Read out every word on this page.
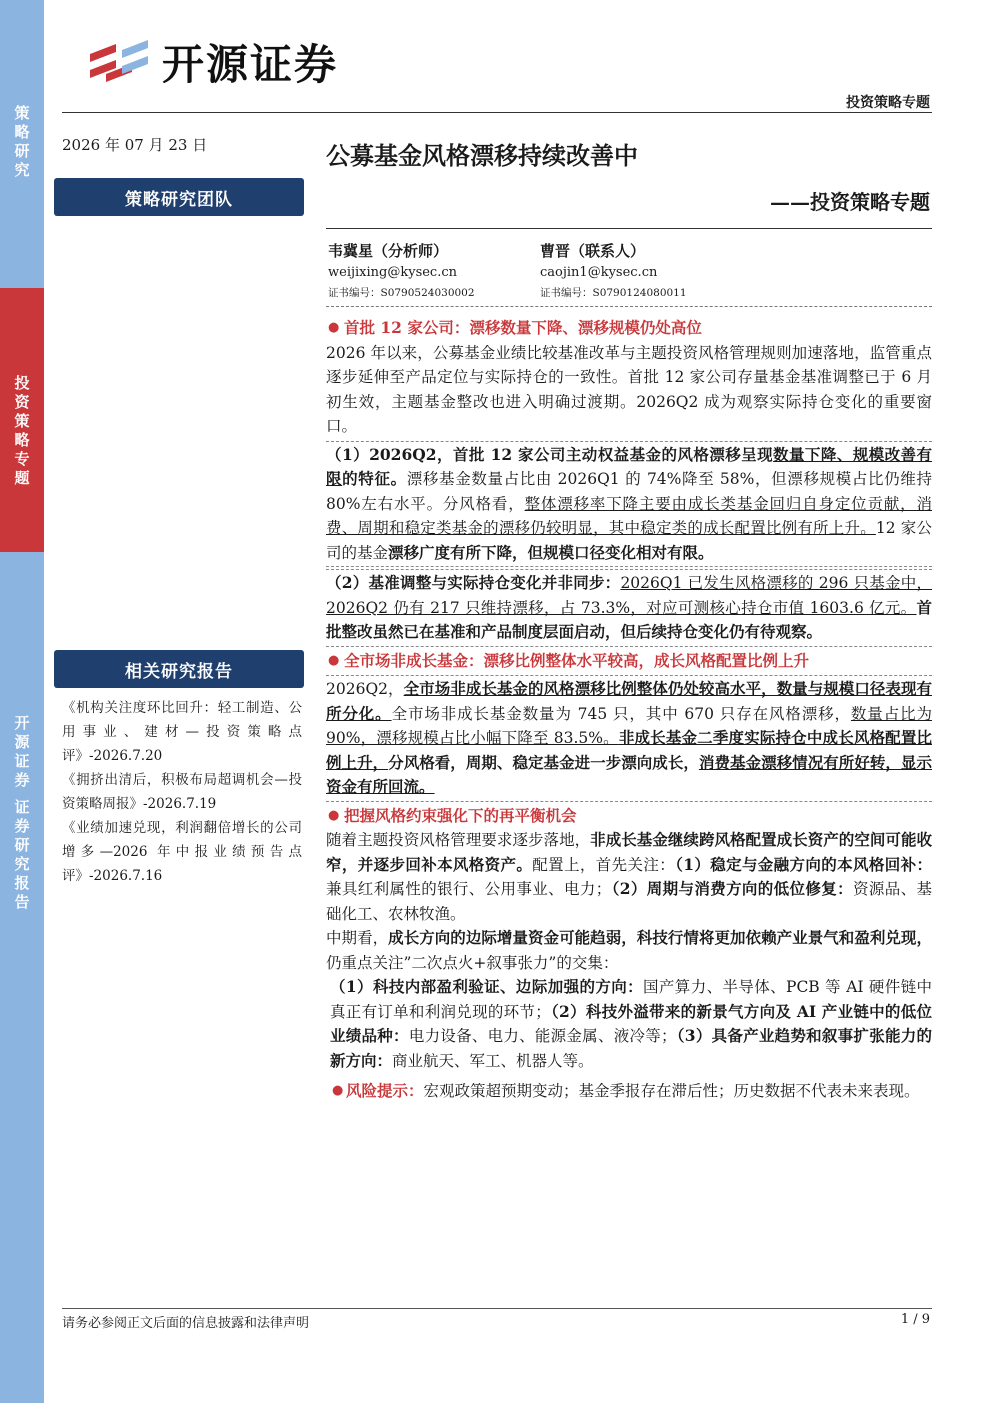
策
略
研
究
投
资
策
略
专
题
开
源
证
券
证
券
研
究
报
告
开源证券
投资策略专题
2026 年 07 月 23 日
策略研究团队
相关研究报告

《机构关注度环比回升：轻工制造、公用事业、建材—投资策略点评》-2026.7.20

《拥挤出清后，积极布局超调机会—投资策略周报》-2026.7.19

《业绩加速兑现，利润翻倍增长的公司增多—2026 年中报业绩预告点评》-2026.7.16

公募基金风格漂移持续改善中
——投资策略专题
韦冀星（分析师）
weijixing@kysec.cn
证书编号：S0790524030002
曹晋（联系人）
caojin1@kysec.cn
证书编号：S0790124080011

● 首批 12 家公司：漂移数量下降、漂移规模仍处高位

2026 年以来，公募基金业绩比较基准改革与主题投资风格管理规则加速落地，监管重点逐步延伸至产品定位与实际持仓的一致性。首批 12 家公司存量基金基准调整已于 6 月初生效，主题基金整改也进入明确过渡期。2026Q2 成为观察实际持仓变化的重要窗口。

（1）2026Q2，首批 12 家公司主动权益基金的风格漂移呈现数量下降、规模改善有限的特征。漂移基金数量占比由 2026Q1 的 74%降至 58%，但漂移规模占比仍维持 80%左右水平。分风格看，整体漂移率下降主要由成长类基金回归自身定位贡献，消费、周期和稳定类基金的漂移仍较明显，其中稳定类的成长配置比例有所上升。12 家公司的基金漂移广度有所下降，但规模口径变化相对有限。

（2）基准调整与实际持仓变化并非同步：2026Q1 已发生风格漂移的 296 只基金中，2026Q2 仍有 217 只维持漂移，占 73.3%，对应可测核心持仓市值 1603.6 亿元。首批整改虽然已在基准和产品制度层面启动，但后续持仓变化仍有待观察。

● 全市场非成长基金：漂移比例整体水平较高，成长风格配置比例上升

2026Q2，全市场非成长基金的风格漂移比例整体仍处较高水平，数量与规模口径表现有所分化。全市场非成长基金数量为 745 只，其中 670 只存在风格漂移，数量占比为 90%，漂移规模占比小幅下降至 83.5%。非成长基金二季度实际持仓中成长风格配置比例上升，分风格看，周期、稳定基金进一步漂向成长，消费基金漂移情况有所好转，显示资金有所回流。

● 把握风格约束强化下的再平衡机会

随着主题投资风格管理要求逐步落地，非成长基金继续跨风格配置成长资产的空间可能收窄，并逐步回补本风格资产。配置上，首先关注：（1）稳定与金融方向的本风格回补：兼具红利属性的银行、公用事业、电力；（2）周期与消费方向的低位修复：资源品、基础化工、农林牧渔。

中期看，成长方向的边际增量资金可能趋弱，科技行情将更加依赖产业景气和盈利兑现，仍重点关注”二次点火+叙事张力”的交集：

（1）科技内部盈利验证、边际加强的方向：国产算力、半导体、PCB 等 AI 硬件链中真正有订单和利润兑现的环节；（2）科技外溢带来的新景气方向及 AI 产业链中的低位业绩品种：电力设备、电力、能源金属、液冷等；（3）具备产业趋势和叙事扩张能力的新方向：商业航天、军工、机器人等。

● 风险提示：宏观政策超预期变动；基金季报存在滞后性；历史数据不代表未来表现。

请务必参阅正文后面的信息披露和法律声明	1 / 9
